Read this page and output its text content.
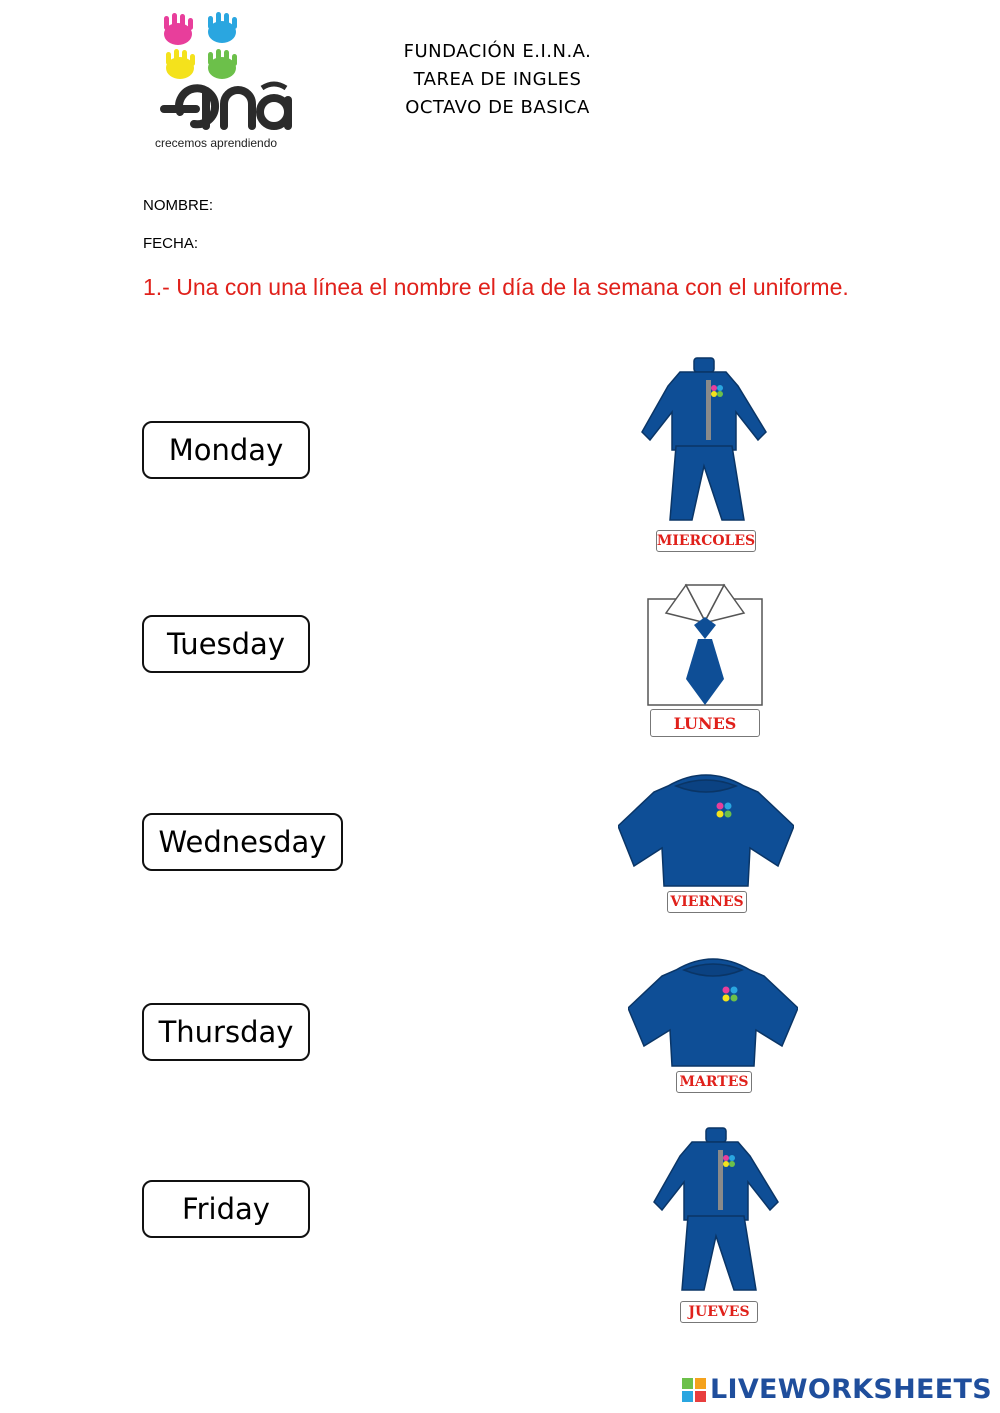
crecemos aprendiendo
FUNDACIÓN E.I.N.A.
TAREA DE INGLES
OCTAVO DE BASICA
NOMBRE:
FECHA:
1.- Una con una línea el nombre el día de la semana con el uniforme.
Monday
Tuesday
Wednesday
Thursday
Friday
MIERCOLES
LUNES
VIERNES
MARTES
JUEVES
LIVEWORKSHEETS
